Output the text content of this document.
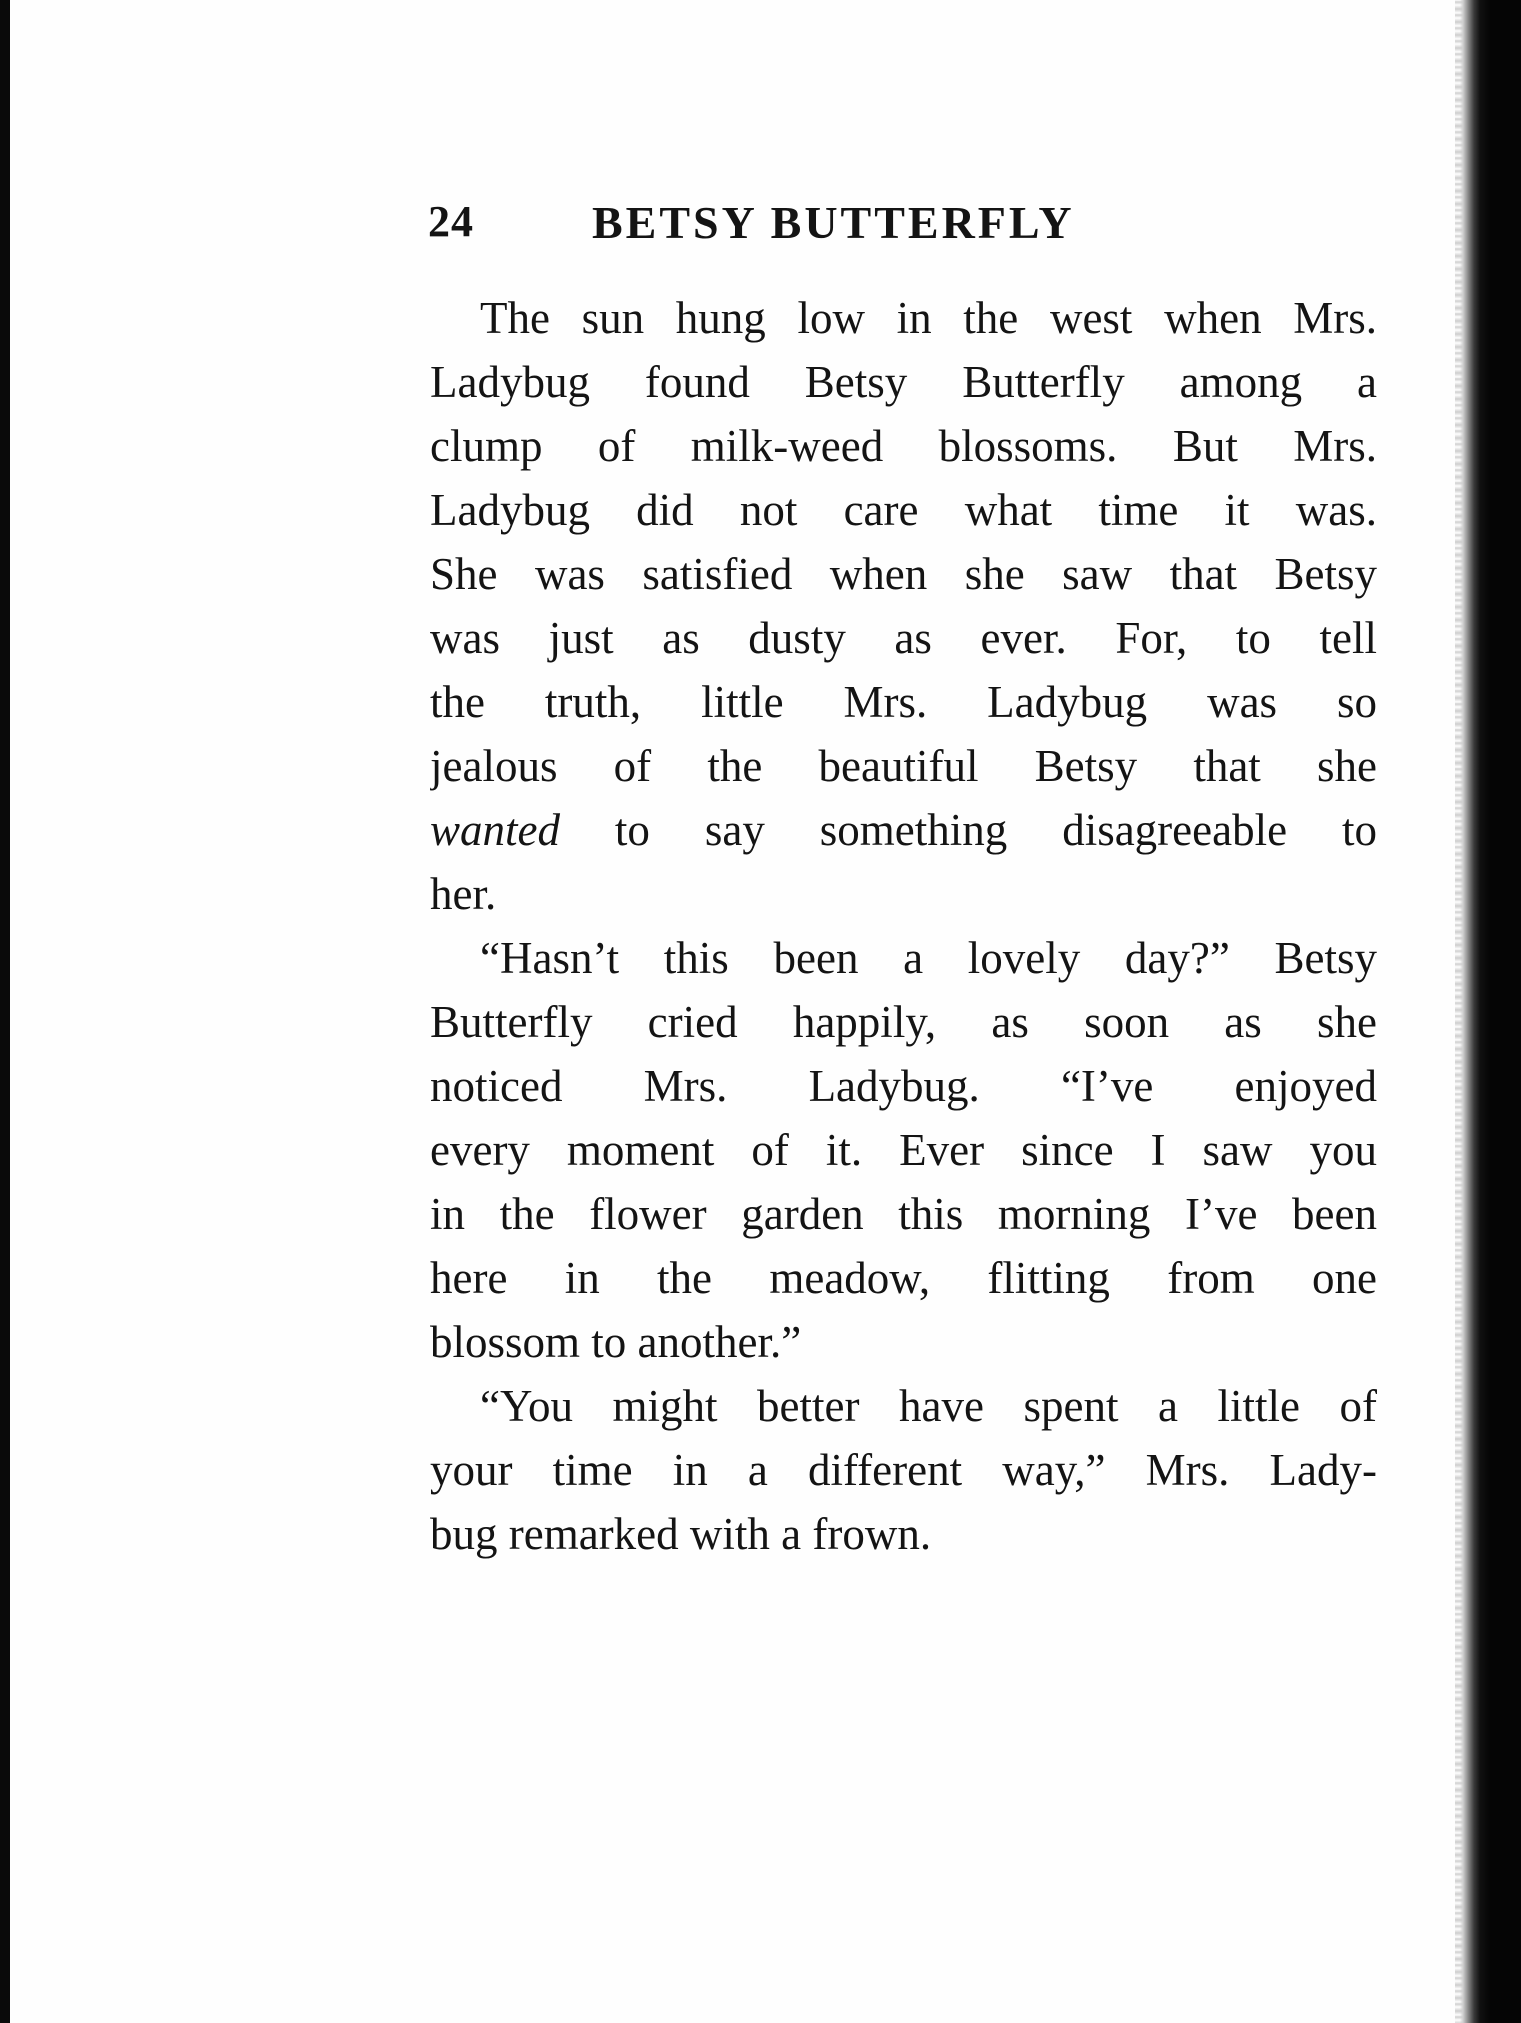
24	BETSY BUTTERFLY
The sun hung low in the west when Mrs.
Ladybug found Betsy Butterfly among a
clump of milk-weed blossoms. But Mrs.
Ladybug did not care what time it was.
She was satisfied when she saw that Betsy
was just as dusty as ever. For, to tell
the truth, little Mrs. Ladybug was so
jealous of the beautiful Betsy that she
wanted to say something disagreeable to
her.
“Hasn’t this been a lovely day?” Betsy
Butterfly cried happily, as soon as she
noticed Mrs. Ladybug. “I’ve enjoyed
every moment of it. Ever since I saw you
in the flower garden this morning I’ve been
here in the meadow, flitting from one
blossom to another.”
“You might better have spent a little of
your time in a different way,” Mrs. Lady-
bug remarked with a frown.
